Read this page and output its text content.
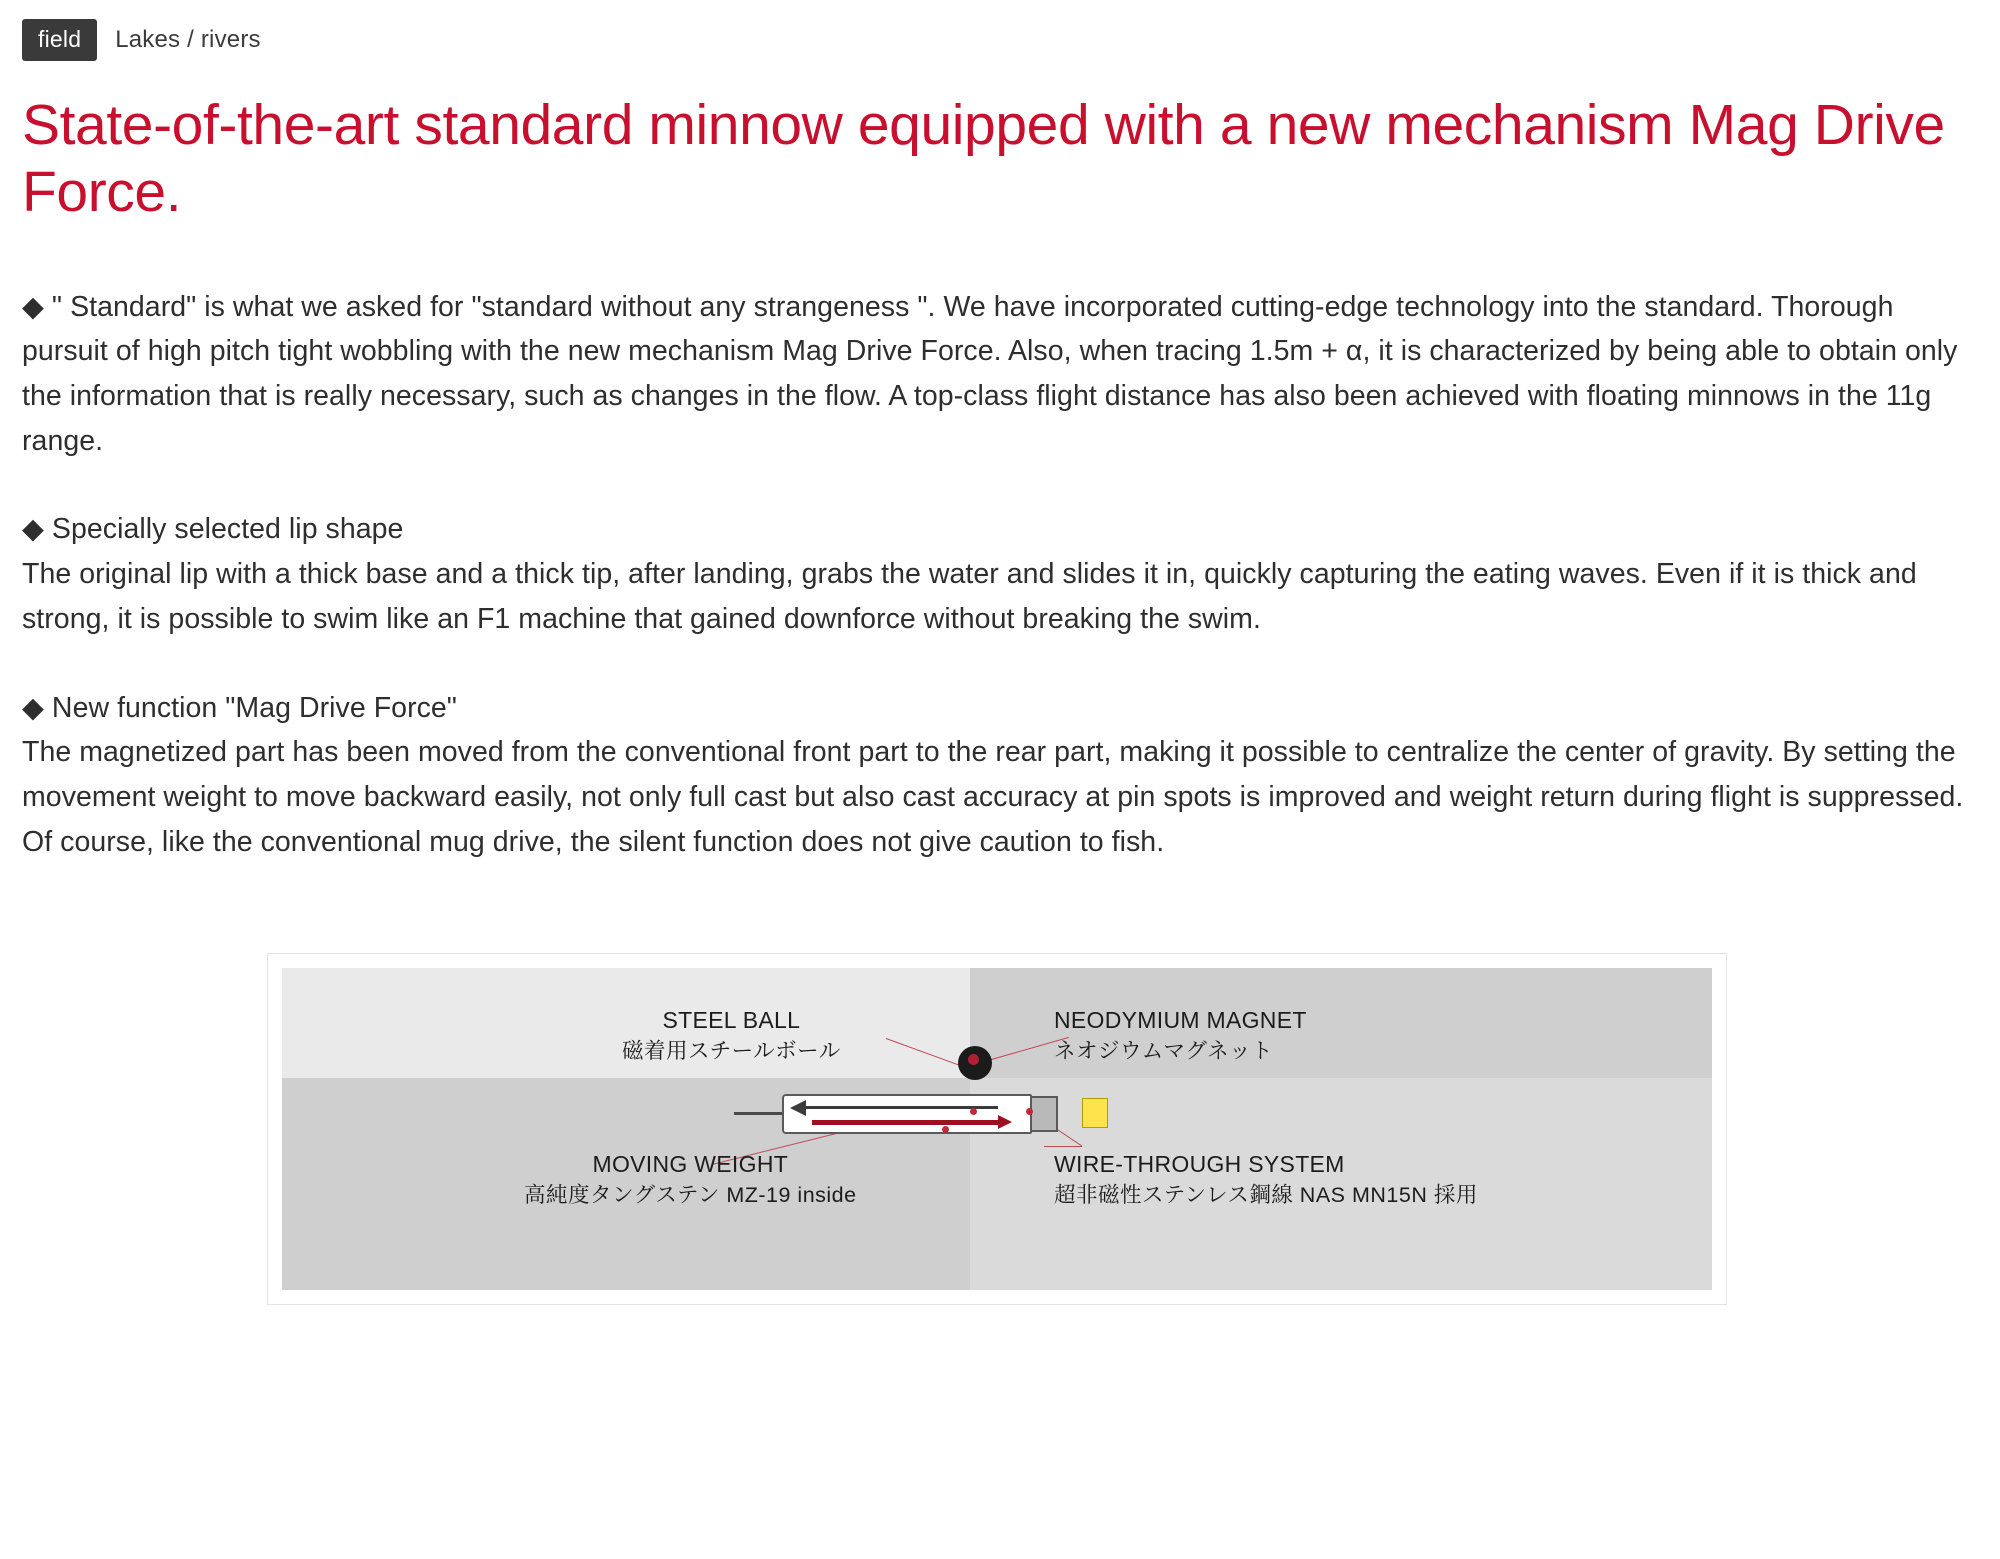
field	Lakes / rivers
State-of-the-art standard minnow equipped with a new mechanism Mag Drive Force.

◆ " Standard" is what we asked for "standard without any strangeness ". We have incorporated cutting-edge technology into the standard. Thorough pursuit of high pitch tight wobbling with the new mechanism Mag Drive Force. Also, when tracing 1.5m + α, it is characterized by being able to obtain only the information that is really necessary, such as changes in the flow. A top-class flight distance has also been achieved with floating minnows in the 11g range.

◆ Specially selected lip shape
The original lip with a thick base and a thick tip, after landing, grabs the water and slides it in, quickly capturing the eating waves. Even if it is thick and strong, it is possible to swim like an F1 machine that gained downforce without breaking the swim.

◆ New function "Mag Drive Force"
The magnetized part has been moved from the conventional front part to the rear part, making it possible to centralize the center of gravity. By setting the movement weight to move backward easily, not only full cast but also cast accuracy at pin spots is improved and weight return during flight is suppressed. Of course, like the conventional mug drive, the silent function does not give caution to fish.

STEEL BALL
磁着用スチールボール
NEODYMIUM MAGNET
ネオジウムマグネット
MOVING WEIGHT
高純度タングステン MZ-19 inside
WIRE-THROUGH SYSTEM
超非磁性ステンレス鋼線 NAS MN15N 採用
